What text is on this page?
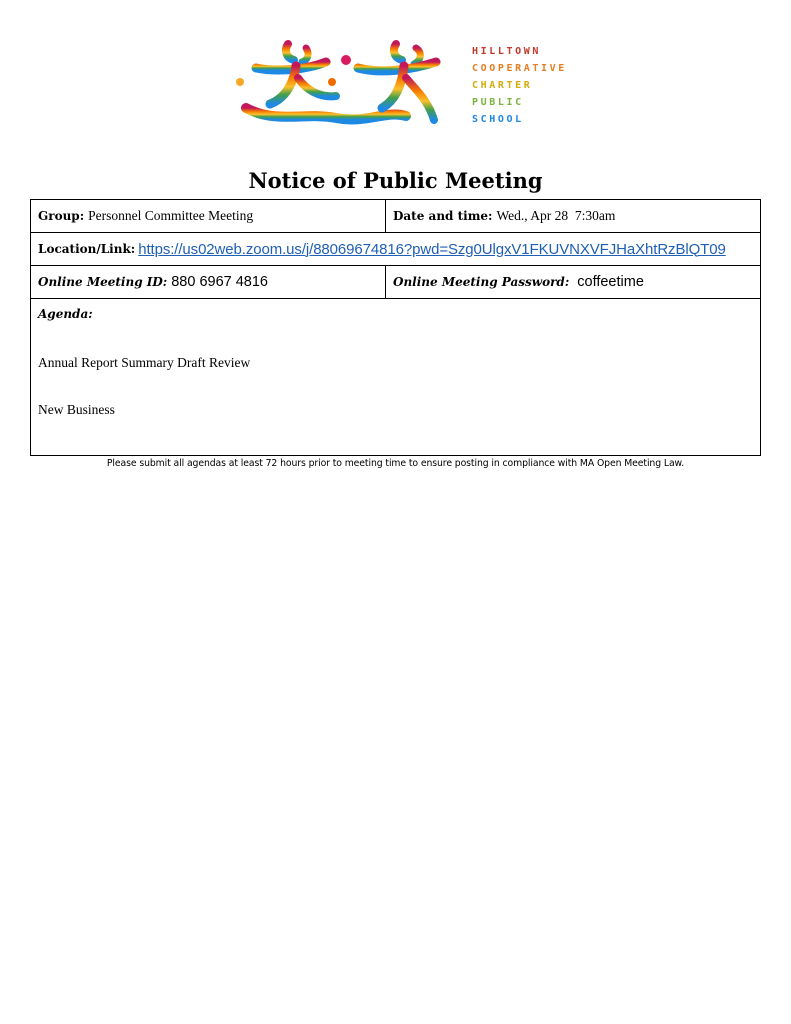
HILLTOWN
COOPERATIVE
CHARTER
PUBLIC
SCHOOL
Notice of Public Meeting
Group: Personnel Committee Meeting	Date and time: Wed., Apr 28  7:30am
Location/Link: https://us02web.zoom.us/j/88069674816?pwd=Szg0UlgxV1FKUVNXVFJHaXhtRzBlQT09
Online Meeting ID: 880 6967 4816	Online Meeting Password: coffeetime
Agenda:
Annual Report Summary Draft Review
New Business
Please submit all agendas at least 72 hours prior to meeting time to ensure posting in compliance with MA Open Meeting Law.
